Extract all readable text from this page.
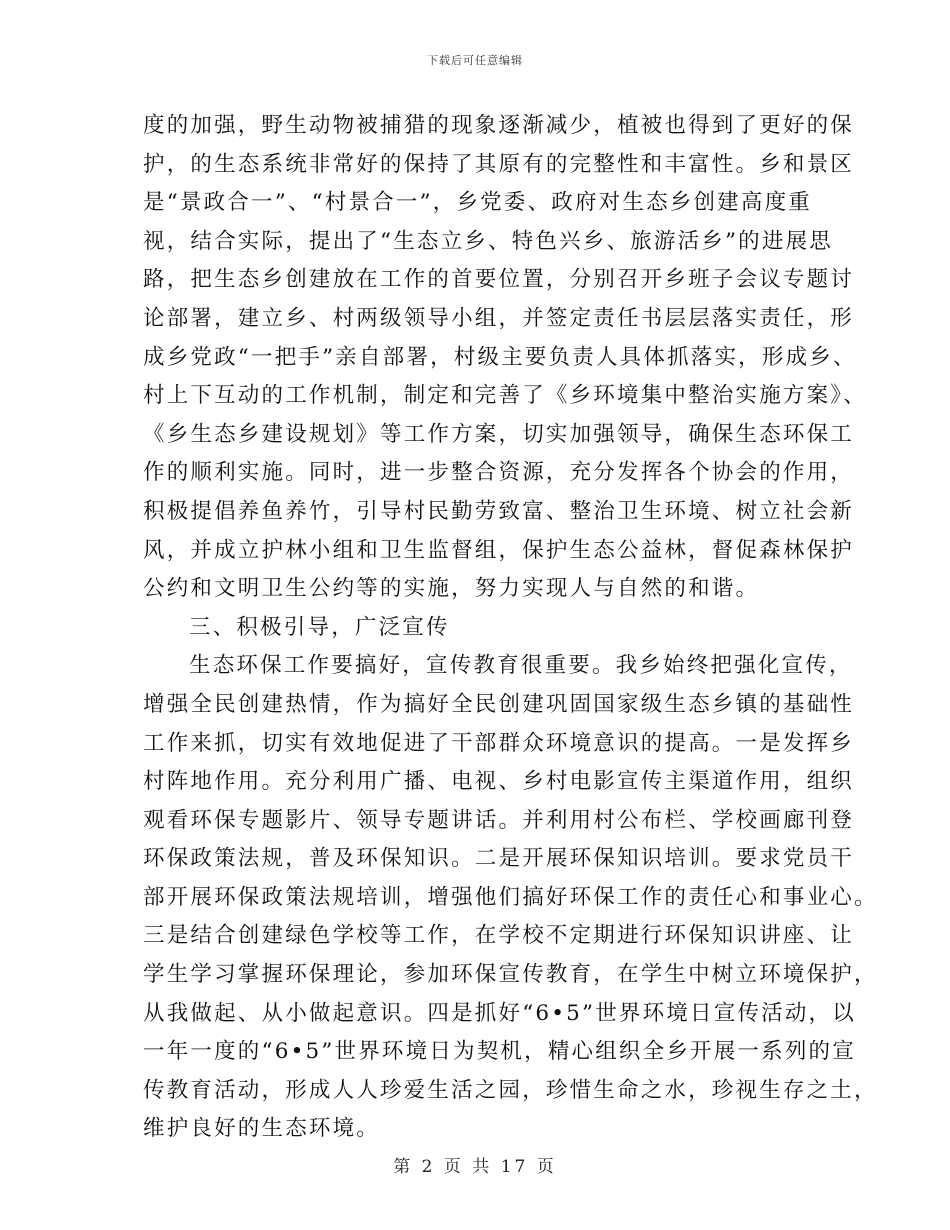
下载后可任意编辑

度的加强，野生动物被捕猎的现象逐渐减少，植被也得到了更好的保
护，的生态系统非常好的保持了其原有的完整性和丰富性。乡和景区
是“景政合一”、“村景合一”，乡党委、政府对生态乡创建高度重
视，结合实际，提出了“生态立乡、特色兴乡、旅游活乡”的进展思
路，把生态乡创建放在工作的首要位置，分别召开乡班子会议专题讨
论部署，建立乡、村两级领导小组，并签定责任书层层落实责任，形
成乡党政“一把手”亲自部署，村级主要负责人具体抓落实，形成乡、
村上下互动的工作机制，制定和完善了《乡环境集中整治实施方案》、
《乡生态乡建设规划》等工作方案，切实加强领导，确保生态环保工
作的顺利实施。同时，进一步整合资源，充分发挥各个协会的作用，
积极提倡养鱼养竹，引导村民勤劳致富、整治卫生环境、树立社会新
风，并成立护林小组和卫生监督组，保护生态公益林，督促森林保护
公约和文明卫生公约等的实施，努力实现人与自然的和谐。

三、积极引导，广泛宣传

生态环保工作要搞好，宣传教育很重要。我乡始终把强化宣传，
增强全民创建热情，作为搞好全民创建巩固国家级生态乡镇的基础性
工作来抓，切实有效地促进了干部群众环境意识的提高。一是发挥乡
村阵地作用。充分利用广播、电视、乡村电影宣传主渠道作用，组织
观看环保专题影片、领导专题讲话。并利用村公布栏、学校画廊刊登
环保政策法规，普及环保知识。二是开展环保知识培训。要求党员干
部开展环保政策法规培训，增强他们搞好环保工作的责任心和事业心。
三是结合创建绿色学校等工作，在学校不定期进行环保知识讲座、让
学生学习掌握环保理论，参加环保宣传教育，在学生中树立环境保护，
从我做起、从小做起意识。四是抓好“6•5”世界环境日宣传活动，以
一年一度的“6•5”世界环境日为契机，精心组织全乡开展一系列的宣
传教育活动，形成人人珍爱生活之园，珍惜生命之水，珍视生存之土，
维护良好的生态环境。

第 2 页 共 17 页
